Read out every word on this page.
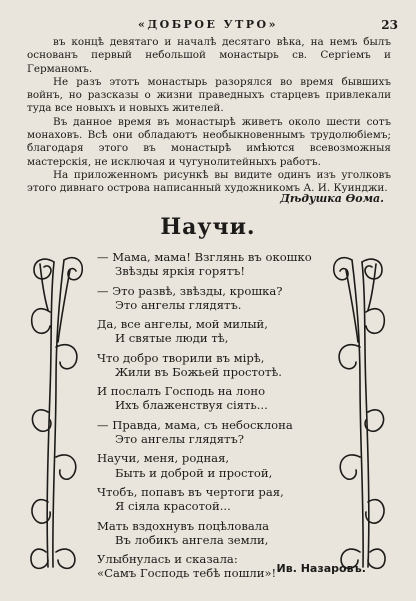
«ДОБРОЕ УТРО»	23

въ концѣ девятаго и началѣ десятаго вѣка, на немъ былъ основанъ первый небольшой монастырь св. Сергіемъ и Германомъ.

Не разъ этотъ монастырь разорялся во время бывшихъ войнъ, но разсказы о жизни праведныхъ старцевъ привлекали туда все новыхъ и новыхъ жителей.

Въ данное время въ монастырѣ живетъ около шести сотъ монаховъ. Всѣ они обладаютъ необыкновеннымъ трудолюбіемъ; благодаря этого въ монастырѣ имѣются всевозможныя мастерскія, не исключая и чугунолитейныхъ работъ.

На приложенномъ рисункѣ вы видите одинъ изъ уголковъ этого дивнаго острова написанный художникомъ А. И. Куинджи.

Дѣдушка Ѳома.
Научи.
— Мама, мама! Взглянь въ окошко
Звѣзды яркія горятъ!
— Это развѣ, звѣзды, крошка?
Это ангелы глядятъ.
Да, все ангелы, мой милый,
И святые люди тѣ,
Что добро творили въ мірѣ,
Жили въ Божьей простотѣ.
И послалъ Господь на лоно
Ихъ блаженствуя сіять...
— Правда, мама, съ небосклона
Это ангелы глядятъ?
Научи, меня, родная,
Быть и доброй и простой,
Чтобъ, попавъ въ чертоги рая,
Я сіяла красотой...
Мать вздохнувъ поцѣловала
Въ лобикъ ангела земли,
Улыбнулась и сказала:
«Самъ Господь тебѣ пошли»! Ив. Назаровъ.
